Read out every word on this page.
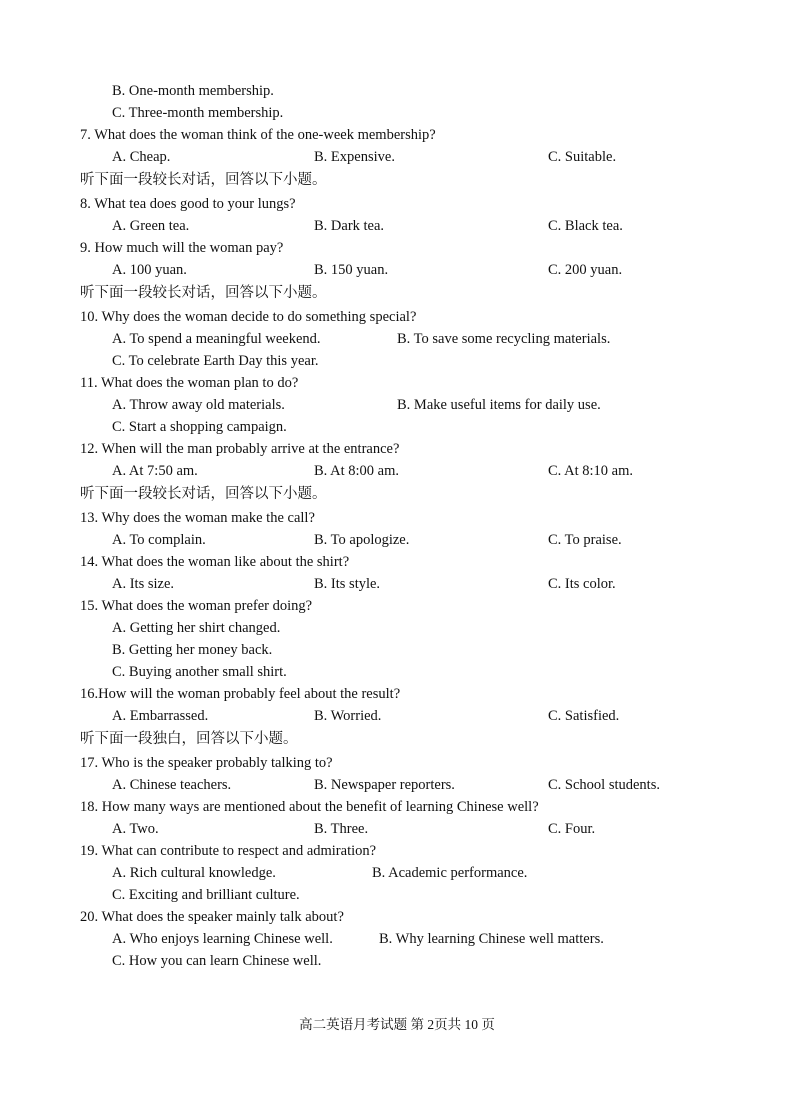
B. One-month membership.
C. Three-month membership.
7. What does the woman think of the one-week membership?
A. Cheap.	B. Expensive.	C. Suitable.
听下面一段较长对话，回答以下小题。
8. What tea does good to your lungs?
A. Green tea.	B. Dark tea.	C. Black tea.
9. How much will the woman pay?
A. 100 yuan.	B. 150 yuan.	C. 200 yuan.
听下面一段较长对话，回答以下小题。
10. Why does the woman decide to do something special?
A. To spend a meaningful weekend.	B. To save some recycling materials.
C. To celebrate Earth Day this year.
11. What does the woman plan to do?
A. Throw away old materials.	B. Make useful items for daily use.
C. Start a shopping campaign.
12. When will the man probably arrive at the entrance?
A. At 7:50 am.	B. At 8:00 am.	C. At 8:10 am.
听下面一段较长对话，回答以下小题。
13. Why does the woman make the call?
A. To complain.	B. To apologize.	C. To praise.
14. What does the woman like about the shirt?
A. Its size.	B. Its style.	C. Its color.
15. What does the woman prefer doing?
A. Getting her shirt changed.
B. Getting her money back.
C. Buying another small shirt.
16.How will the woman probably feel about the result?
A. Embarrassed.	B. Worried.	C. Satisfied.
听下面一段独白，回答以下小题。
17. Who is the speaker probably talking to?
A. Chinese teachers.	B. Newspaper reporters.	C. School students.
18. How many ways are mentioned about the benefit of learning Chinese well?
A. Two.	B. Three.	C. Four.
19. What can contribute to respect and admiration?
A. Rich cultural knowledge.	B. Academic performance.
C. Exciting and brilliant culture.
20. What does the speaker mainly talk about?
A. Who enjoys learning Chinese well.	B. Why learning Chinese well matters.
C. How you can learn Chinese well.
高二英语月考试题 第 2页共 10 页
